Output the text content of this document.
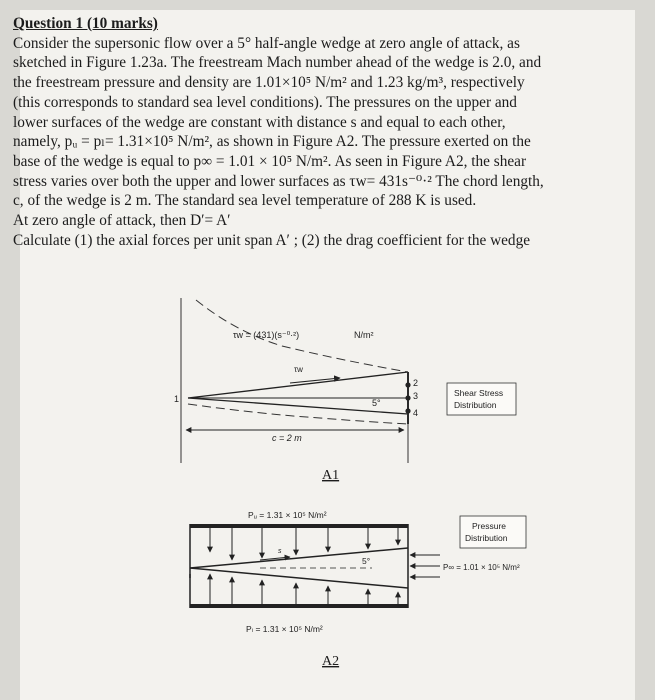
Question 1 (10 marks)
Consider the supersonic flow over a 5° half-angle wedge at zero angle of attack, as
sketched in Figure 1.23a. The freestream Mach number ahead of the wedge is 2.0, and
the freestream pressure and density are 1.01×10⁵ N/m² and 1.23 kg/m³, respectively
(this corresponds to standard sea level conditions). The pressures on the upper and
lower surfaces of the wedge are constant with distance s and equal to each other,
namely, pᵤ = pₗ= 1.31×10⁵ N/m², as shown in Figure A2. The pressure exerted on the
base of the wedge is equal to p∞ = 1.01 × 10⁵ N/m². As seen in Figure A2, the shear
stress varies over both the upper and lower surfaces as τw= 431s⁻⁰·² The chord length,
c, of the wedge is 2 m. The standard sea level temperature of 288 K is used.
At zero angle of attack, then D′= A′
Calculate (1) the axial forces per unit span A′ ; (2) the drag coefficient for the wedge
τw = (431)(s⁻⁰·²)	N/m²
τw
1
2
3
4
5°
c = 2 m
Shear Stress
Distribution
A1
Pᵤ = 1.31 × 10⁵ N/m²
Pₗ = 1.31 × 10⁵ N/m²
s
5°
P∞ = 1.01 × 10⁵ N/m²
Pressure
Distribution
A2
